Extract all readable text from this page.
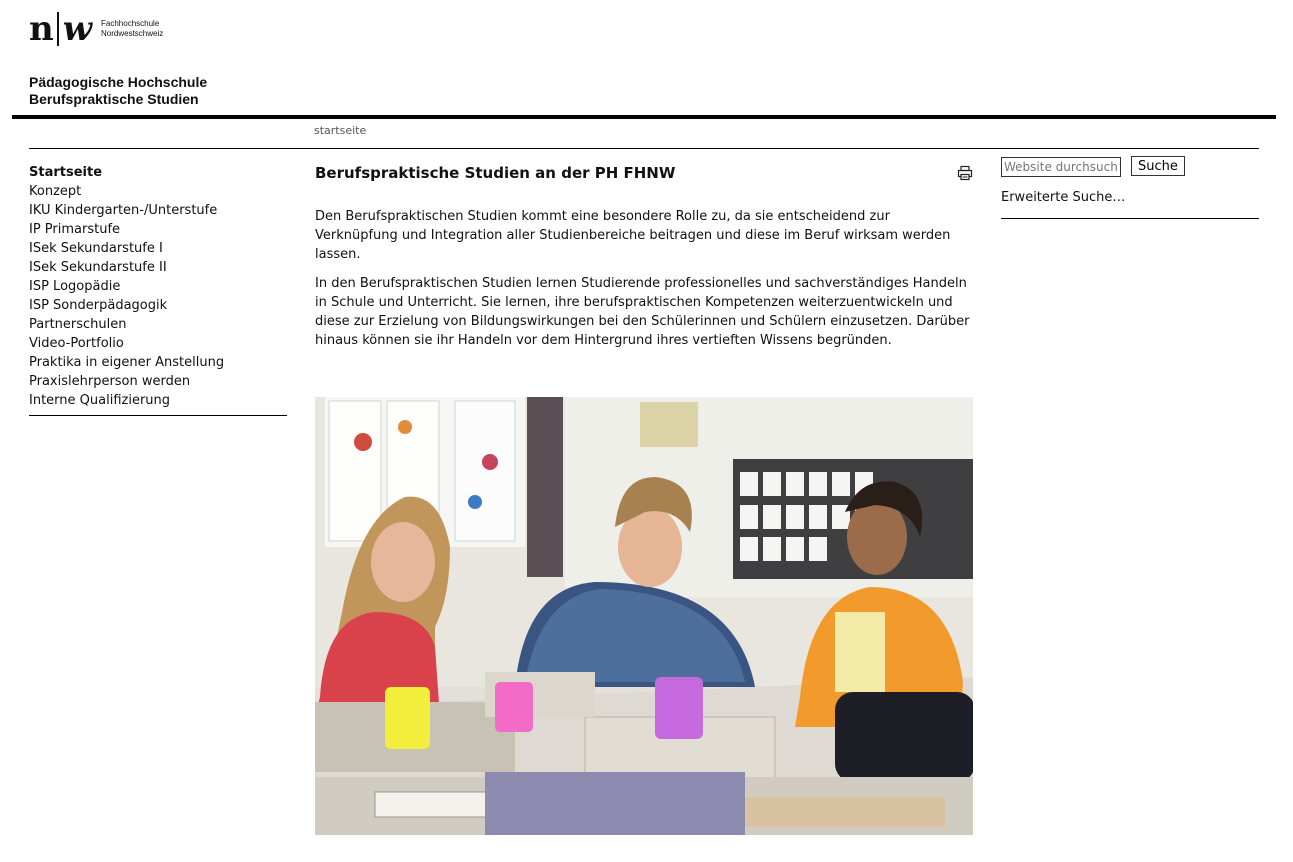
n w Fachhochschule
Nordwestschweiz
Pädagogische Hochschule
Berufspraktische Studien
startseite
Startseite
Konzept
IKU Kindergarten-/Unterstufe
IP Primarstufe
ISek Sekundarstufe I
ISek Sekundarstufe II
ISP Logopädie
ISP Sonderpädagogik
Partnerschulen
Video-Portfolio
Praktika in eigener Anstellung
Praxislehrperson werden
Interne Qualifizierung
Berufspraktische Studien an der PH FHNW

Den Berufspraktischen Studien kommt eine besondere Rolle zu, da sie entscheidend zur Verknüpfung und Integration aller Studienbereiche beitragen und diese im Beruf wirksam werden lassen.

In den Berufspraktischen Studien lernen Studierende professionelles und sachverständiges Handeln in Schule und Unterricht. Sie lernen, ihre berufspraktischen Kompetenzen weiterzuentwickeln und diese zur Erzielung von Bildungswirkungen bei den Schülerinnen und Schülern einzusetzen. Darüber hinaus können sie ihr Handeln vor dem Hintergrund ihres vertieften Wissens begründen.

Website durchsuchenSuche
Erweiterte Suche…
